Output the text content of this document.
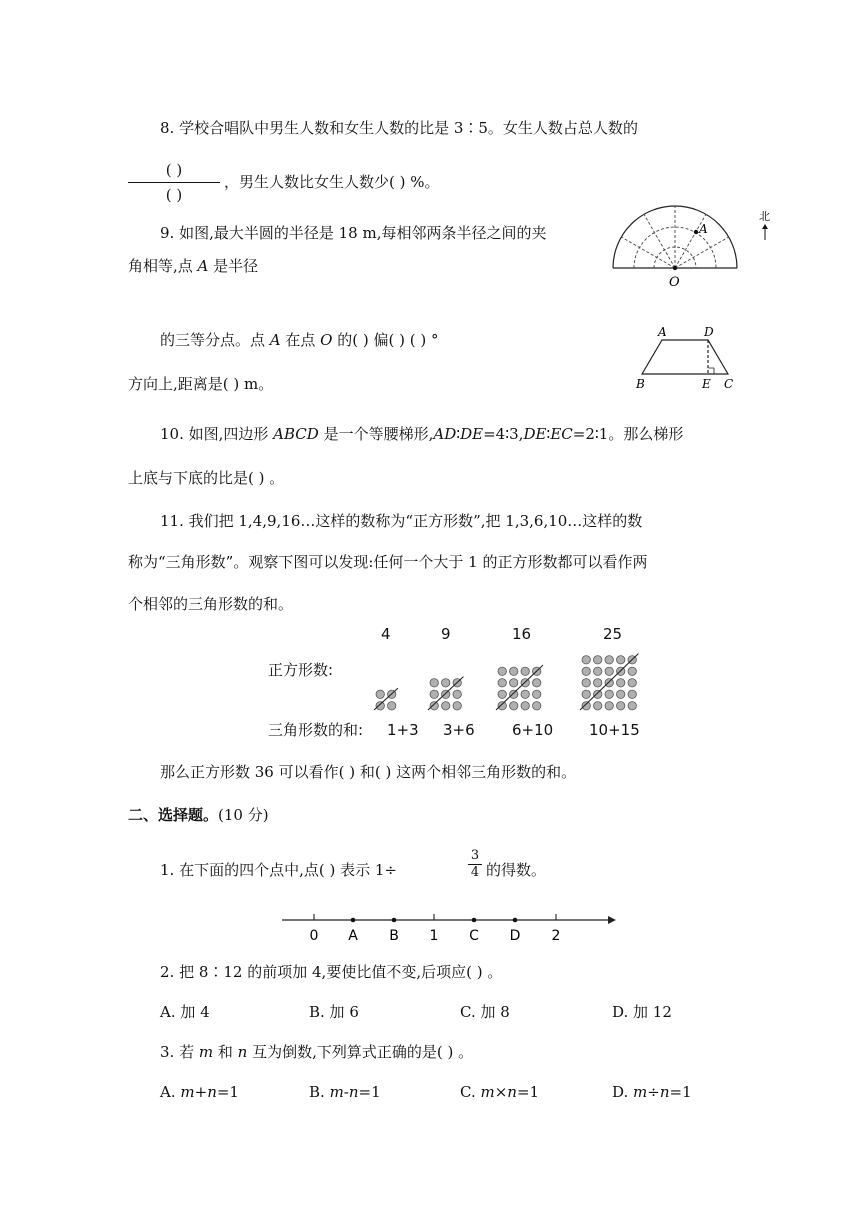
8. 学校合唱队中男生人数和女生人数的比是 3∶5。女生人数占总人数的
( )
( )
，男生人数比女生人数少( ) %。
9. 如图,最大半圆的半径是 18 m,每相邻两条半径之间的夹
角相等,点 A 是半径
的三等分点。点 A 在点 O 的( ) 偏( ) ( ) °
方向上,距离是( ) m。
A
O
北
A	D
B	E C
10. 如图,四边形 ABCD 是一个等腰梯形,AD∶DE=4∶3,DE∶EC=2∶1。那么梯形
上底与下底的比是( ) 。
11. 我们把 1,4,9,16…这样的数称为“正方形数”,把 1,3,6,10…这样的数
称为“三角形数”。观察下图可以发现:任何一个大于 1 的正方形数都可以看作两
个相邻的三角形数的和。
正方形数:
三角形数的和:
4	9	16	25
1+3 3+6 6+10 10+15
那么正方形数 36 可以看作( ) 和( ) 这两个相邻三角形数的和。
二、选择题。(10 分)
1. 在下面的四个点中,点( ) 表示 1÷
3
4 的得数。
0 A B 1 C D 2
2. 把 8∶12 的前项加 4,要使比值不变,后项应( ) 。
A. 加 4	B. 加 6	C. 加 8	D. 加 12
3. 若 m 和 n 互为倒数,下列算式正确的是( ) 。
A. m+n=1	B. m-n=1	C. m×n=1	D. m÷n=1
